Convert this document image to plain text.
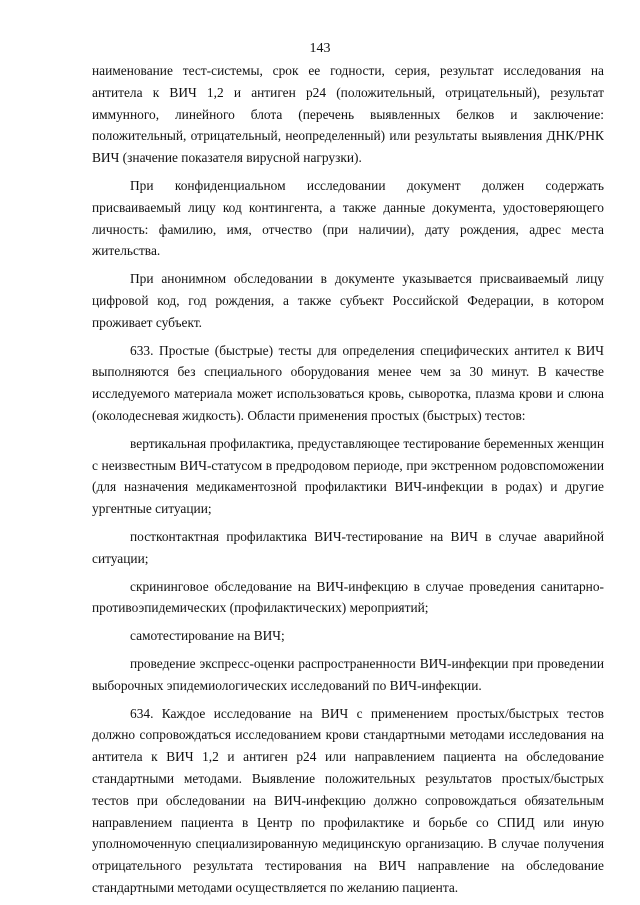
143

наименование тест-системы, срок ее годности, серия, результат исследования на антитела к ВИЧ 1,2 и антиген p24 (положительный, отрицательный), результат иммунного, линейного блота (перечень выявленных белков и заключение: положительный, отрицательный, неопределенный) или результаты выявления ДНК/РНК ВИЧ (значение показателя вирусной нагрузки).

При конфиденциальном исследовании документ должен содержать присваиваемый лицу код контингента, а также данные документа, удостоверяющего личность: фамилию, имя, отчество (при наличии), дату рождения, адрес места жительства.

При анонимном обследовании в документе указывается присваиваемый лицу цифровой код, год рождения, а также субъект Российской Федерации, в котором проживает субъект.

633. Простые (быстрые) тесты для определения специфических антител к ВИЧ выполняются без специального оборудования менее чем за 30 минут. В качестве исследуемого материала может использоваться кровь, сыворотка, плазма крови и слюна (околодесневая жидкость). Области применения простых (быстрых) тестов:

вертикальная профилактика, предуставляющее тестирование беременных женщин с неизвестным ВИЧ-статусом в предродовом периоде, при экстренном родовспоможении (для назначения медикаментозной профилактики ВИЧ-инфекции в родах) и другие ургентные ситуации;

постконтактная профилактика ВИЧ-тестирование на ВИЧ в случае аварийной ситуации;

скрининговое обследование на ВИЧ-инфекцию в случае проведения санитарно-противоэпидемических (профилактических) мероприятий;

самотестирование на ВИЧ;

проведение экспресс-оценки распространенности ВИЧ-инфекции при проведении выборочных эпидемиологических исследований по ВИЧ-инфекции.

634. Каждое исследование на ВИЧ с применением простых/быстрых тестов должно сопровождаться исследованием крови стандартными методами исследования на антитела к ВИЧ 1,2 и антиген p24 или направлением пациента на обследование стандартными методами. Выявление положительных результатов простых/быстрых тестов при обследовании на ВИЧ-инфекцию должно сопровождаться обязательным направлением пациента в Центр по профилактике и борьбе со СПИД или иную уполномоченную специализированную медицинскую организацию. В случае получения отрицательного результата тестирования на ВИЧ направление на обследование стандартными методами осуществляется по желанию пациента.
